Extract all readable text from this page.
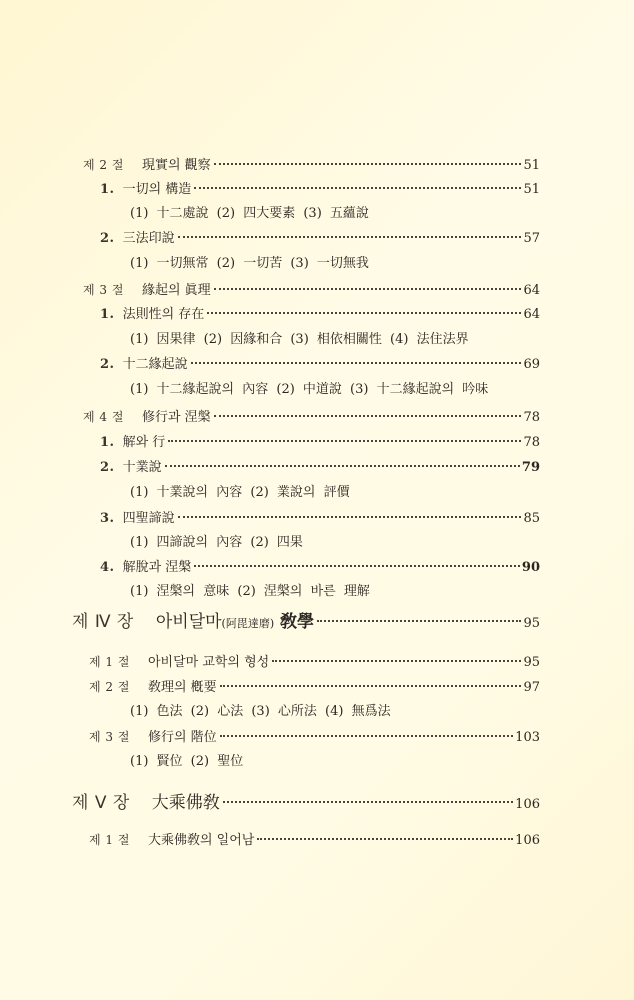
제 2 절 現實의 觀察	51
1. 一切의 構造	51
(1) 十二處說 (2) 四大要素 (3) 五蘊說
2. 三法印說	57
(1) 一切無常 (2) 一切苦 (3) 一切無我
제 3 절 緣起의 眞理	64
1. 法則性의 存在	64
(1) 因果律 (2) 因緣和合 (3) 相依相關性 (4) 法住法界
2. 十二緣起說	69
(1) 十二緣起說의 內容 (2) 中道說 (3) 十二緣起說의 吟味
제 4 절 修行과 涅槃	78
1. 解와 行	78
2. 十業說	79
(1) 十業說의 內容 (2) 業說의 評價
3. 四聖諦說	85
(1) 四諦說의 內容 (2) 四果
4. 解脫과 涅槃	90
(1) 涅槃의 意味 (2) 涅槃의 바른 理解
제 Ⅳ 장 아비달마(阿毘達磨) 敎學	95
제 1 절 아비달마 교학의 형성	95
제 2 절 敎理의 槪要	97
(1) 色法 (2) 心法 (3) 心所法 (4) 無爲法
제 3 절 修行의 階位	103
(1) 賢位 (2) 聖位
제 Ⅴ 장 大乘佛敎	106
제 1 절 大乘佛敎의 일어남	106
